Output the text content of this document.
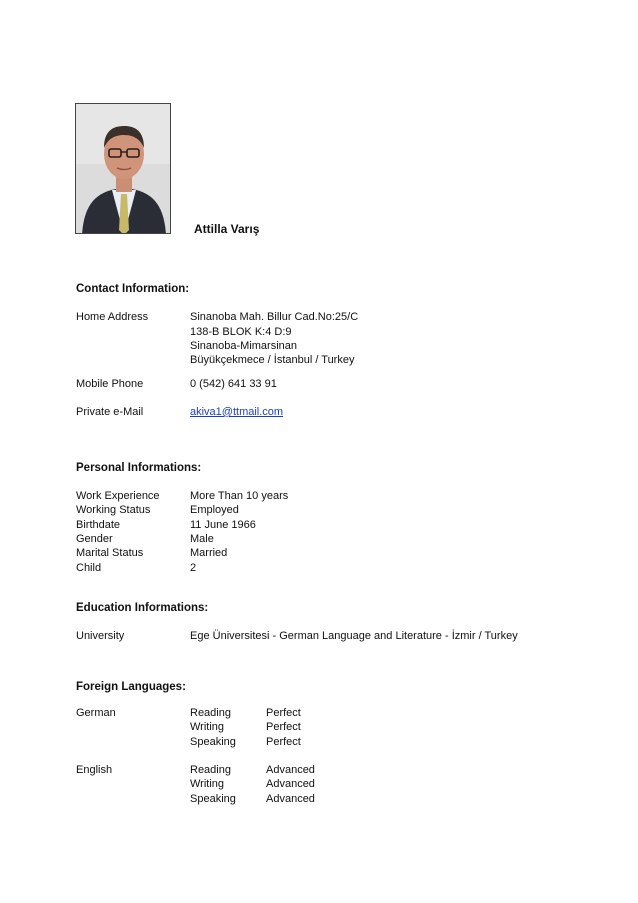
Attilla Varış
Contact Information:
Home Address	Sinanoba Mah. Billur Cad.No:25/C
138-B BLOK K:4 D:9
Sinanoba-Mimarsinan
Büyükçekmece / İstanbul / Turkey
Mobile Phone	0 (542) 641 33 91
Private e-Mail	akiva1@ttmail.com
Personal Informations:
Work Experience	More Than 10 years
Working Status	Employed
Birthdate	11 June 1966
Gender	Male
Marital Status	Married
Child	2
Education Informations:
University	Ege Üniversitesi - German Language and Literature - İzmir / Turkey
Foreign Languages:
German	Reading	Perfect
Writing	Perfect
Speaking	Perfect
English	Reading	Advanced
Writing	Advanced
Speaking	Advanced
